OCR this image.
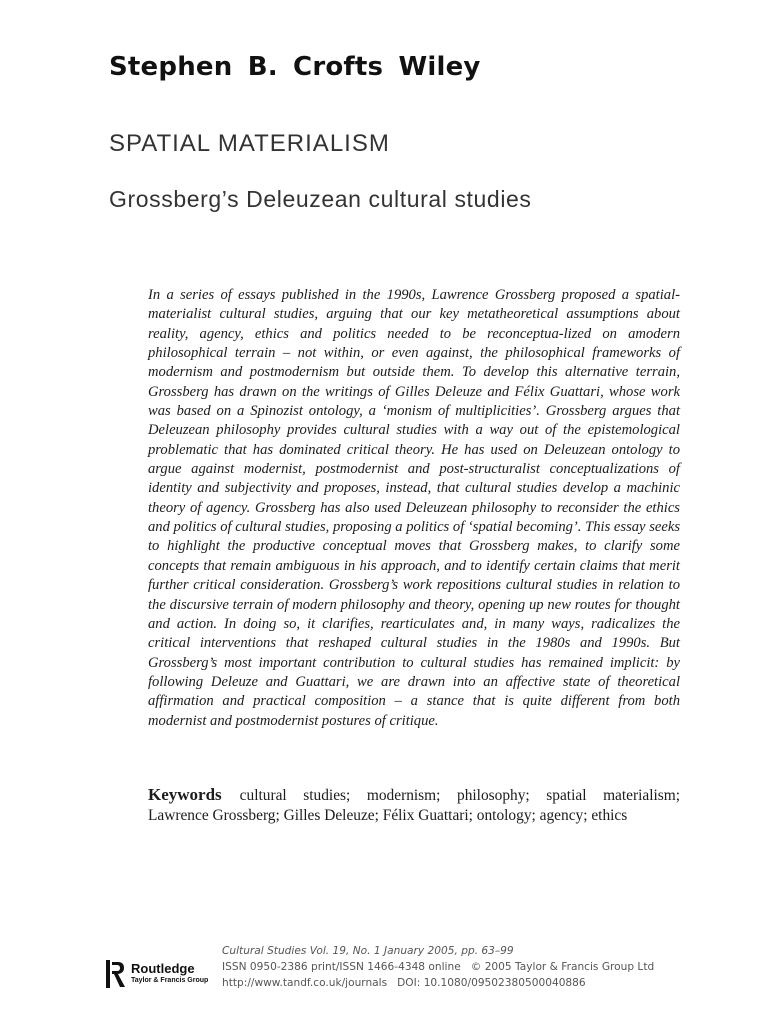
Stephen B. Crofts Wiley
SPATIAL MATERIALISM
Grossberg’s Deleuzean cultural studies

In a series of essays published in the 1990s, Lawrence Grossberg proposed a spatial-materialist cultural studies, arguing that our key metatheoretical assumptions about reality, agency, ethics and politics needed to be reconceptua-lized on amodern philosophical terrain – not within, or even against, the philosophical frameworks of modernism and postmodernism but outside them. To develop this alternative terrain, Grossberg has drawn on the writings of Gilles Deleuze and Félix Guattari, whose work was based on a Spinozist ontology, a ‘monism of multiplicities’. Grossberg argues that Deleuzean philosophy provides cultural studies with a way out of the epistemological problematic that has dominated critical theory. He has used on Deleuzean ontology to argue against modernist, postmodernist and post-structuralist conceptualizations of identity and subjectivity and proposes, instead, that cultural studies develop a machinic theory of agency. Grossberg has also used Deleuzean philosophy to reconsider the ethics and politics of cultural studies, proposing a politics of ‘spatial becoming’. This essay seeks to highlight the productive conceptual moves that Grossberg makes, to clarify some concepts that remain ambiguous in his approach, and to identify certain claims that merit further critical consideration. Grossberg’s work repositions cultural studies in relation to the discursive terrain of modern philosophy and theory, opening up new routes for thought and action. In doing so, it clarifies, rearticulates and, in many ways, radicalizes the critical interventions that reshaped cultural studies in the 1980s and 1990s. But Grossberg’s most important contribution to cultural studies has remained implicit: by following Deleuze and Guattari, we are drawn into an affective state of theoretical affirmation and practical composition – a stance that is quite different from both modernist and postmodernist postures of critique.

Keywords cultural studies; modernism; philosophy; spatial materialism; Lawrence Grossberg; Gilles Deleuze; Félix Guattari; ontology; agency; ethics

Routledge
Taylor & Francis Group
Cultural Studies Vol. 19, No. 1 January 2005, pp. 63–99
ISSN 0950-2386 print/ISSN 1466-4348 online © 2005 Taylor & Francis Group Ltd
http://www.tandf.co.uk/journals DOI: 10.1080/09502380500040886
